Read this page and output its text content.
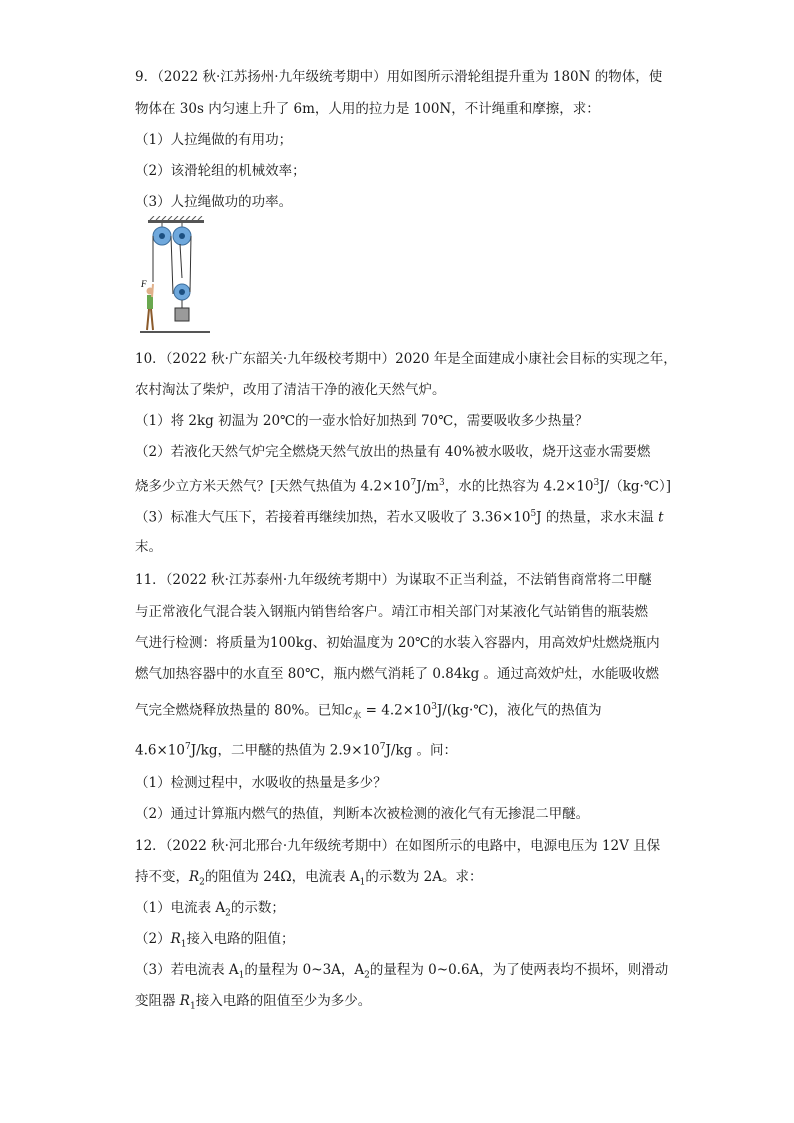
9．（2022 秋·江苏扬州·九年级统考期中）用如图所示滑轮组提升重为 180N 的物体，使
物体在 30s 内匀速上升了 6m，人用的拉力是 100N，不计绳重和摩擦，求：
（1）人拉绳做的有用功；
（2）该滑轮组的机械效率；
（3）人拉绳做功的功率。
F
10．（2022 秋·广东韶关·九年级校考期中）2020 年是全面建成小康社会目标的实现之年，
农村淘汰了柴炉，改用了清洁干净的液化天然气炉。
（1）将 2kg 初温为 20℃的一壶水恰好加热到 70℃，需要吸收多少热量？
（2）若液化天然气炉完全燃烧天然气放出的热量有 40%被水吸收，烧开这壶水需要燃
烧多少立方米天然气？[天然气热值为 $4.2\times 10^7J/m^3$，水的比热容为 $4.2\times 10^3J/(kg\cdot℃)$]
（3）标准大气压下，若接着再继续加热，若水又吸收了 $3.36\times 10^5J$ 的热量，求水末温 t
末。
11．（2022 秋·江苏泰州·九年级统考期中）为谋取不正当利益，不法销售商常将二甲醚
与正常液化气混合装入钢瓶内销售给客户。靖江市相关部门对某液化气站销售的瓶装燃
气进行检测：将质量为100kg、初始温度为 20℃的水装入容器内，用高效炉灶燃烧瓶内
燃气加热容器中的水直至 80℃，瓶内燃气消耗了 0.84kg 。通过高效炉灶，水能吸收燃
气完全燃烧释放热量的 80%。已知$c_水$ = $4.2\times 10^3J/(kg\cdot℃)$，液化气的热值为
$4.6\times 10^7J/kg$，二甲醚的热值为 $2.9\times 10^7J/kg$ 。问：
（1）检测过程中，水吸收的热量是多少？
（2）通过计算瓶内燃气的热值，判断本次被检测的液化气有无掺混二甲醚。
12．（2022 秋·河北邢台·九年级统考期中）在如图所示的电路中，电源电压为 12V 且保
持不变，$R_2$的阻值为 24Ω，电流表 $A_1$的示数为 2A。求：
（1）电流表 $A_2$的示数；
$(2)R_1$接入电路的阻值；
（3）若电流表 $A_1$的量程为 0~3A，$A_2$的量程为 0~0.6A，为了使两表均不损坏，则滑动
变阻器 $R_1$接入电路的阻值至少为多少。
